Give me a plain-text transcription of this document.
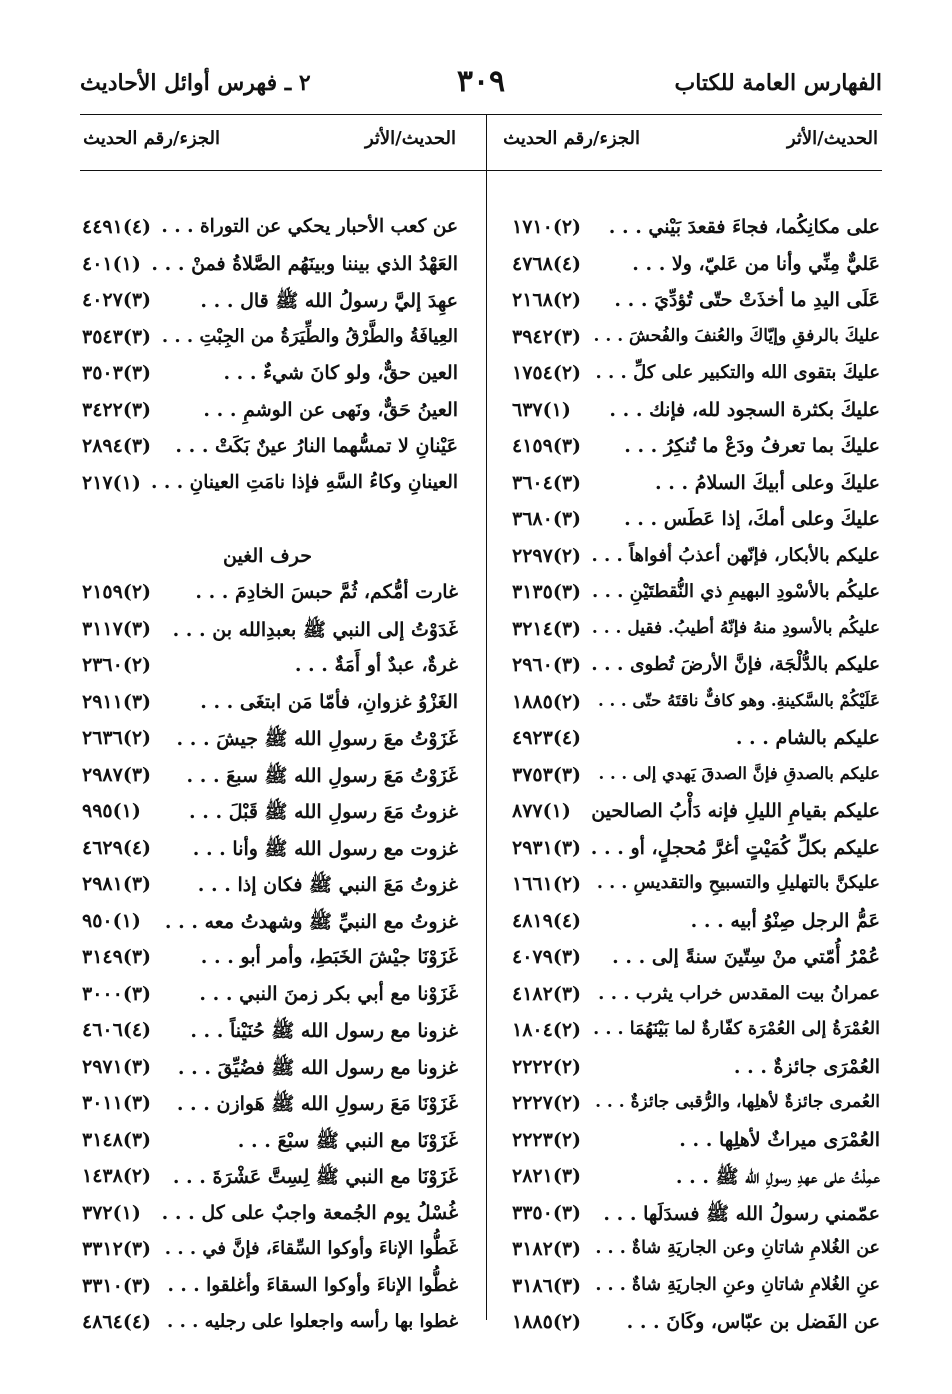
الفهارس العامة للكتاب
٣٠٩
٢ ـ فهرس أوائل الأحاديث
الحديث/الأثر
الجزء/رقم الحديث
الحديث/الأثر
الجزء/رقم الحديث
على مكانِكُما، فجاءَ فقعدَ بَيْني . . .
(٢)١٧١٠
عَليٌّ مِنِّي وأنا من عَليّ، ولا . . .
(٤)٤٧٦٨
عَلَى اليدِ ما أخذَتْ حتّى تُؤدِّيَ . . .
(٢)٢١٦٨
عليكَ بالرفقِ وإيّاكَ والعُنفَ والفُحشَ . . .
(٣)٣٩٤٢
عليكَ بتقوى الله والتكبير على كلِّ . . .
(٢)١٧٥٤
عليكَ بكثرة السجود لله، فإنك . . .
(١)٦٣٧
عليكَ بما تعرفُ ودَعْ ما تُنكِرُ . . .
(٣)٤١٥٩
عليكَ وعلى أبيكَ السلامُ . . .
(٣)٣٦٠٤
عليكَ وعلى أمكَ، إذا عَطَس . . .
(٣)٣٦٨٠
عليكم بالأبكار، فإنّهن أعذبُ أفواهاً . . .
(٢)٢٢٩٧
عليكُم بالأسْودِ البهيمِ ذي النُّقطتَيْنِ . . .
(٣)٣١٣٥
عليكُم بالأسودِ منهُ فإنّهُ أطيبُ. فقيل . . .
(٣)٣٢١٤
عليكم بالدُّلْجَة، فإنَّ الأرضَ تُطوى . . .
(٣)٢٩٦٠
عَلَيْكُمْ بالسَّكينةِ. وهو كافٌّ ناقتَهُ حتّى . . .
(٢)١٨٨٥
عليكم بالشام . . .
(٤)٤٩٢٣
عليكم بالصدقِ فإنَّ الصدقَ يَهدي إلى . . .
(٣)٣٧٥٣
عليكم بقيامِ الليلِ فإنه دَأْبُ الصالحين
(١)٨٧٧
عليكم بكلِّ كُمَيْتٍ أغرَّ مُحجلٍ، أو . . .
(٣)٢٩٣١
عليكنَّ بالتهليلِ والتسبيحِ والتقديسِ . . .
(٢)١٦٦١
عَمُّ الرجل صِنْوُ أبيه . . .
(٤)٤٨١٩
عُمْرُ أُمّتي منْ سِتّينَ سنةً إلى . . .
(٣)٤٠٧٩
عمرانُ بيت المقدس خراب يثرب . . .
(٣)٤١٨٢
العُمْرَةُ إلى العُمْرَة كفّارةٌ لما بَيْنَهُمَا . . .
(٢)١٨٠٤
العُمْرَى جائزةٌ . . .
(٢)٢٢٢٢
العُمرى جائزةٌ لأهلِها، والرُّقبى جائزةٌ . . .
(٢)٢٢٢٧
العُمْرَى ميراثٌ لأهلِها . . .
(٢)٢٢٢٣
عمِلْتُ على عهدِ رسولِ الله ﷺ . . .
(٣)٢٨٢١
عمّمني رسولُ الله ﷺ فسدَلَها . . .
(٣)٣٣٥٠
عن الغُلامِ شاتانِ وعن الجاريَةِ شاةٌ . . .
(٣)٣١٨٢
عنِ الغُلامِ شاتانِ وعنِ الجاريَةِ شاةٌ . . .
(٣)٣١٨٦
عن الفَضل بن عبّاس، وكَانَ . . .
(٢)١٨٨٥
عن كعب الأحبار يحكي عن التوراة . . .
(٤)٤٤٩١
العَهْدُ الذي بيننا وبينَهُم الصَّلاةُ فمنْ . . .
(١)٤٠١
عهِدَ إليَّ رسولُ الله ﷺ قال . . .
(٣)٤٠٢٧
العِيافَةُ والطَّرْقُ والطِّيَرَةُ من الجِبْتِ . . .
(٣)٣٥٤٣
العين حقٌّ، ولو كانَ شيءٌ . . .
(٣)٣٥٠٣
العينُ حَقٌّ، ونَهى عن الوشمِ . . .
(٣)٣٤٢٢
عَيْنانِ لا تمسُّهما النارُ عينٌ بَكَتْ . . .
(٣)٢٨٩٤
العينانِ وكاءُ السَّهِ فإذا نامَتِ العينانِ . . .
(١)٢١٧
غارت أمُّكم، ثُمَّ حبسَ الخادِمَ . . .
(٢)٢١٥٩
غَدَوْتُ إلى النبي ﷺ بعبدِالله بن . . .
(٣)٣١١٧
غرةٌ، عبدٌ أو أَمَةٌ . . .
(٢)٢٣٦٠
الغَزْوُ غزوانِ، فأمّا مَن ابتغَى . . .
(٣)٢٩١١
غَزَوْتُ معَ رسولِ الله ﷺ جيشَ . . .
(٢)٢٦٣٦
غَزَوْتُ مَعَ رسولِ الله ﷺ سبعَ . . .
(٣)٢٩٨٧
غزوتُ مَعَ رسولِ الله ﷺ قَبْلَ . . .
(١)٩٩٥
غزوت مع رسول الله ﷺ وأنا . . .
(٤)٤٦٢٩
غزوتُ مَعَ النبي ﷺ فكان إذا . . .
(٣)٢٩٨١
غزوتُ مع النبيِّ ﷺ وشهدتُ معه . . .
(١)٩٥٠
غَزَوْنَا جيْشَ الخَبَطِ، وأمر أبو . . .
(٣)٣١٤٩
غَزَوْنا مع أبي بكر زمنَ النبي . . .
(٣)٣٠٠٠
غزونا مع رسول الله ﷺ حُنَيْناً . . .
(٤)٤٦٠٦
غزونا مع رسول الله ﷺ فضُيِّقَ . . .
(٣)٢٩٧١
غَزَوْنَا مَعَ رسولِ الله ﷺ هَوازن . . .
(٣)٣٠١١
غَزَوْنَا مع النبي ﷺ سبْعَ . . .
(٣)٣١٤٨
غَزَوْنَا مع النبي ﷺ لِسِتَّ عَشْرَةَ . . .
(٢)١٤٣٨
غُسْلُ يوم الجُمعة واجبٌ على كل . . .
(١)٣٧٢
غَطُّوا الإناءَ وأوكوا السِّقاءَ، فإنَّ في . . .
(٣)٣٣١٢
غطُّوا الإناءَ وأوكوا السقاءَ وأغلقوا . . .
(٣)٣٣١٠
غطوا بها رأسه واجعلوا على رجليه . . .
(٤)٤٨٦٤
حرف الغين
